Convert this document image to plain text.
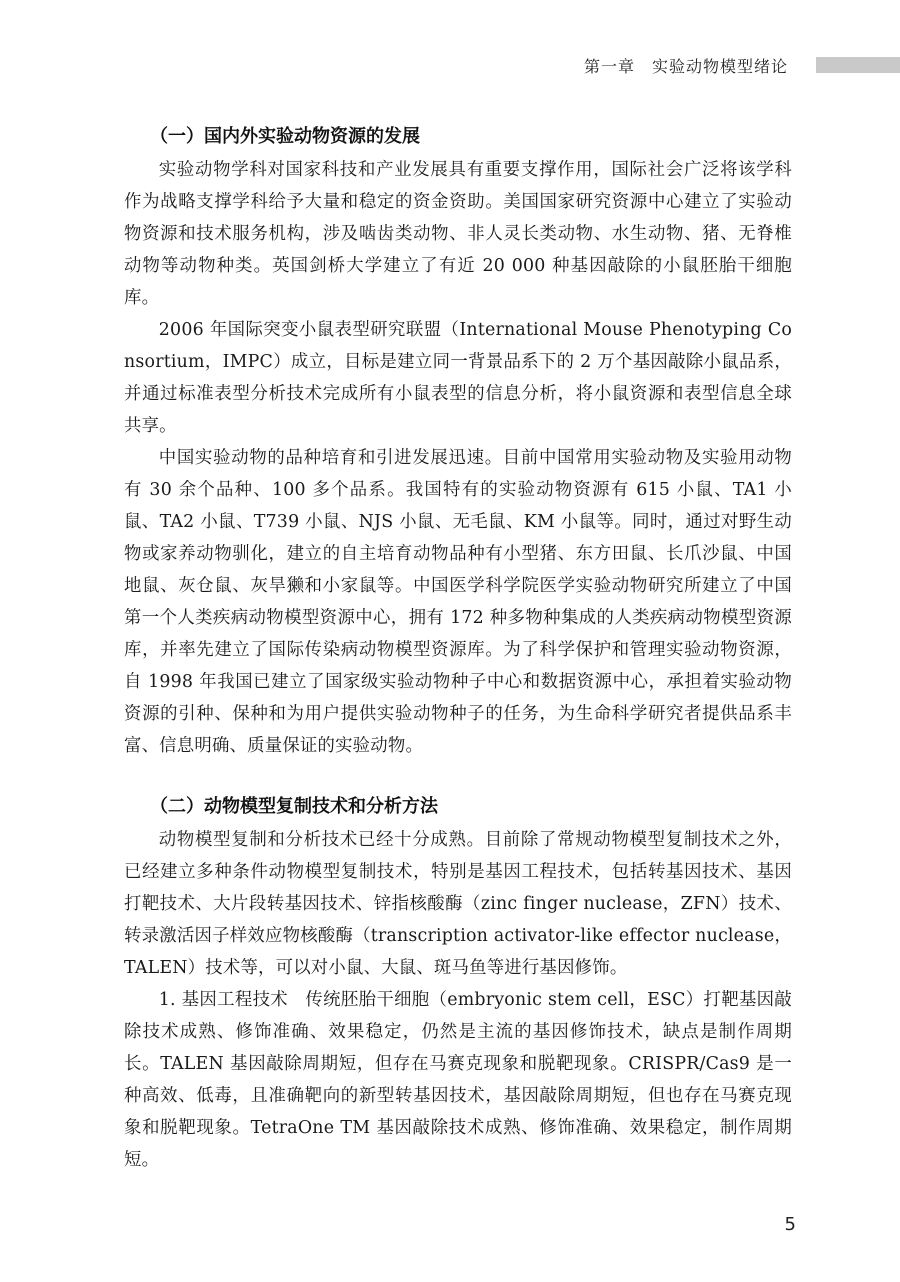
第一章　实验动物模型绪论
（一）国内外实验动物资源的发展

实验动物学科对国家科技和产业发展具有重要支撑作用，国际社会广泛将该学科作为战略支撑学科给予大量和稳定的资金资助。美国国家研究资源中心建立了实验动物资源和技术服务机构，涉及啮齿类动物、非人灵长类动物、水生动物、猪、无脊椎动物等动物种类。英国剑桥大学建立了有近 20 000 种基因敲除的小鼠胚胎干细胞库。

2006 年国际突变小鼠表型研究联盟（International Mouse Phenotyping Consortium，IMPC）成立，目标是建立同一背景品系下的 2 万个基因敲除小鼠品系，并通过标准表型分析技术完成所有小鼠表型的信息分析，将小鼠资源和表型信息全球共享。

中国实验动物的品种培育和引进发展迅速。目前中国常用实验动物及实验用动物有 30 余个品种、100 多个品系。我国特有的实验动物资源有 615 小鼠、TA1 小鼠、TA2 小鼠、T739 小鼠、NJS 小鼠、无毛鼠、KM 小鼠等。同时，通过对野生动物或家养动物驯化，建立的自主培育动物品种有小型猪、东方田鼠、长爪沙鼠、中国地鼠、灰仓鼠、灰旱獭和小家鼠等。中国医学科学院医学实验动物研究所建立了中国第一个人类疾病动物模型资源中心，拥有 172 种多物种集成的人类疾病动物模型资源库，并率先建立了国际传染病动物模型资源库。为了科学保护和管理实验动物资源，自 1998 年我国已建立了国家级实验动物种子中心和数据资源中心，承担着实验动物资源的引种、保种和为用户提供实验动物种子的任务，为生命科学研究者提供品系丰富、信息明确、质量保证的实验动物。

（二）动物模型复制技术和分析方法

动物模型复制和分析技术已经十分成熟。目前除了常规动物模型复制技术之外，已经建立多种条件动物模型复制技术，特别是基因工程技术，包括转基因技术、基因打靶技术、大片段转基因技术、锌指核酸酶（zinc finger nuclease，ZFN）技术、转录激活因子样效应物核酸酶（transcription activator-like effector nuclease，TALEN）技术等，可以对小鼠、大鼠、斑马鱼等进行基因修饰。

1. 基因工程技术 传统胚胎干细胞（embryonic stem cell，ESC）打靶基因敲除技术成熟、修饰准确、效果稳定，仍然是主流的基因修饰技术，缺点是制作周期长。TALEN 基因敲除周期短，但存在马赛克现象和脱靶现象。CRISPR/Cas9 是一种高效、低毒，且准确靶向的新型转基因技术，基因敲除周期短，但也存在马赛克现象和脱靶现象。TetraOne TM 基因敲除技术成熟、修饰准确、效果稳定，制作周期短。

5
